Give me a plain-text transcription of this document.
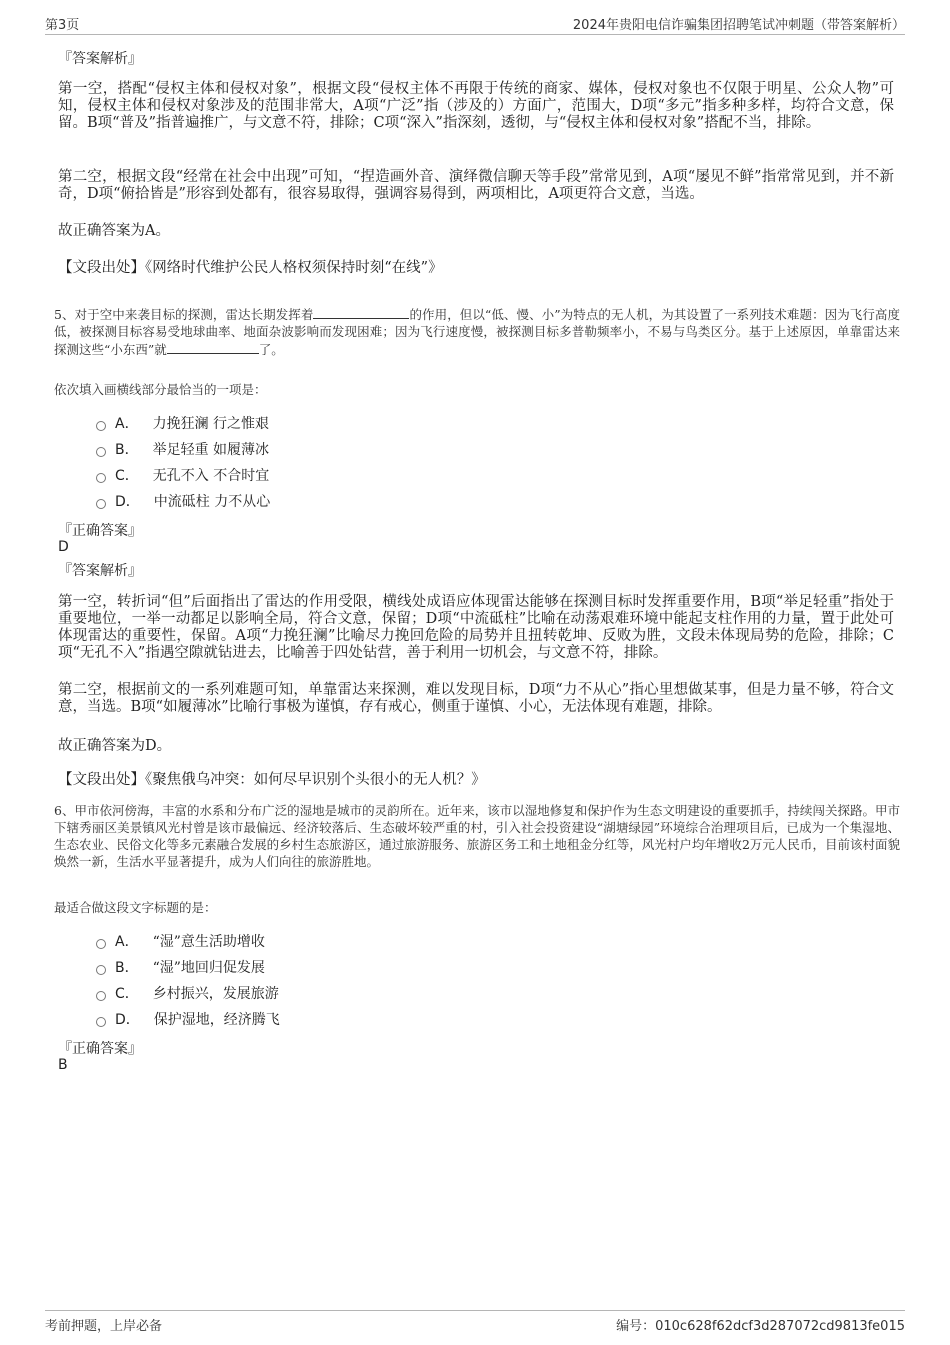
第3页	2024年贵阳电信诈骗集团招聘笔试冲刺题（带答案解析）
『答案解析』
第一空，搭配“侵权主体和侵权对象”，根据文段“侵权主体不再限于传统的商家、媒体，侵权对象也不仅限于明星、公众人物”可知，侵权主体和侵权对象涉及的范围非常大，A项“广泛”指（涉及的）方面广，范围大，D项“多元”指多种多样，均符合文意，保留。B项“普及”指普遍推广，与文意不符，排除；C项“深入”指深刻，透彻，与“侵权主体和侵权对象”搭配不当，排除。
第二空，根据文段“经常在社会中出现”可知，“捏造画外音、演绎微信聊天等手段”常常见到，A项“屡见不鲜”指常常见到，并不新奇，D项“俯拾皆是”形容到处都有，很容易取得，强调容易得到，两项相比，A项更符合文意，当选。
故正确答案为A。
【文段出处】《网络时代维护公民人格权须保持时刻“在线”》
5、对于空中来袭目标的探测，雷达长期发挥着	的作用，但以“低、慢、小”为特点的无人机，为其设置了一系列技术难题：因为飞行高度低，被探测目标容易受地球曲率、地面杂波影响而发现困难；因为飞行速度慢，被探测目标多普勒频率小，不易与鸟类区分。基于上述原因，单靠雷达来探测这些“小东西”就	了。
依次填入画横线部分最恰当的一项是：
A． 力挽狂澜 行之惟艰
B． 举足轻重 如履薄冰
C． 无孔不入 不合时宜
D． 中流砥柱 力不从心
『正确答案』
D
『答案解析』
第一空，转折词“但”后面指出了雷达的作用受限，横线处成语应体现雷达能够在探测目标时发挥重要作用，B项“举足轻重”指处于重要地位，一举一动都足以影响全局，符合文意，保留；D项“中流砥柱”比喻在动荡艰难环境中能起支柱作用的力量，置于此处可体现雷达的重要性，保留。A项“力挽狂澜”比喻尽力挽回危险的局势并且扭转乾坤、反败为胜，文段未体现局势的危险，排除；C项“无孔不入”指遇空隙就钻进去，比喻善于四处钻营，善于利用一切机会，与文意不符，排除。
第二空，根据前文的一系列难题可知，单靠雷达来探测，难以发现目标，D项“力不从心”指心里想做某事，但是力量不够，符合文意，当选。B项“如履薄冰”比喻行事极为谨慎，存有戒心，侧重于谨慎、小心，无法体现有难题，排除。
故正确答案为D。
【文段出处】《聚焦俄乌冲突：如何尽早识别个头很小的无人机？》
6、甲市依河傍海，丰富的水系和分布广泛的湿地是城市的灵韵所在。近年来，该市以湿地修复和保护作为生态文明建设的重要抓手，持续闯关探路。甲市下辖秀丽区美景镇风光村曾是该市最偏远、经济较落后、生态破坏较严重的村，引入社会投资建设“湖塘绿园”环境综合治理项目后，已成为一个集湿地、生态农业、民俗文化等多元素融合发展的乡村生态旅游区，通过旅游服务、旅游区务工和土地租金分红等，风光村户均年增收2万元人民币，目前该村面貌焕然一新，生活水平显著提升，成为人们向往的旅游胜地。
最适合做这段文字标题的是：
A． “湿”意生活助增收
B． “湿”地回归促发展
C． 乡村振兴，发展旅游
D． 保护湿地，经济腾飞
『正确答案』
B
考前押题，上岸必备	编号：010c628f62dcf3d287072cd9813fe015
